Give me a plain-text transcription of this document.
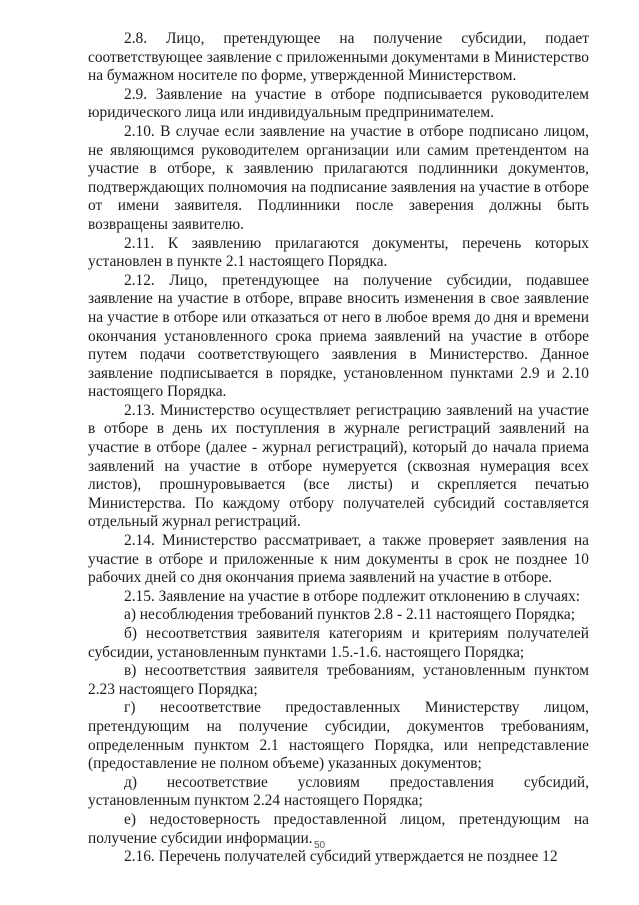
2.8. Лицо, претендующее на получение субсидии, подает соответствующее заявление с приложенными документами в Министерство на бумажном носителе по форме, утвержденной Министерством.

2.9. Заявление на участие в отборе подписывается руководителем юридического лица или индивидуальным предпринимателем.

2.10. В случае если заявление на участие в отборе подписано лицом, не являющимся руководителем организации или самим претендентом на участие в отборе, к заявлению прилагаются подлинники документов, подтверждающих полномочия на подписание заявления на участие в отборе от имени заявителя. Подлинники после заверения должны быть возвращены заявителю.

2.11. К заявлению прилагаются документы, перечень которых установлен в пункте 2.1 настоящего Порядка.

2.12. Лицо, претендующее на получение субсидии, подавшее заявление на участие в отборе, вправе вносить изменения в свое заявление на участие в отборе или отказаться от него в любое время до дня и времени окончания установленного срока приема заявлений на участие в отборе путем подачи соответствующего заявления в Министерство. Данное заявление подписывается в порядке, установленном пунктами 2.9 и 2.10 настоящего Порядка.

2.13. Министерство осуществляет регистрацию заявлений на участие в отборе в день их поступления в журнале регистраций заявлений на участие в отборе (далее - журнал регистраций), который до начала приема заявлений на участие в отборе нумеруется (сквозная нумерация всех листов), прошнуровывается (все листы) и скрепляется печатью Министерства. По каждому отбору получателей субсидий составляется отдельный журнал регистраций.

2.14. Министерство рассматривает, а также проверяет заявления на участие в отборе и приложенные к ним документы в срок не позднее 10 рабочих дней со дня окончания приема заявлений на участие в отборе.

2.15. Заявление на участие в отборе подлежит отклонению в случаях:

а) несоблюдения требований пунктов 2.8 - 2.11 настоящего Порядка;

б) несоответствия заявителя категориям и критериям получателей субсидии, установленным пунктами 1.5.-1.6. настоящего Порядка;

в) несоответствия заявителя требованиям, установленным пунктом 2.23 настоящего Порядка;

г) несоответствие предоставленных Министерству лицом, претендующим на получение субсидии, документов требованиям, определенным пунктом 2.1 настоящего Порядка, или непредставление (предоставление не полном объеме) указанных документов;

д) несоответствие условиям предоставления субсидий, установленным пунктом 2.24 настоящего Порядка;

е) недостоверность предоставленной лицом, претендующим на получение субсидии информации.

2.16. Перечень получателей субсидий утверждается не позднее 12

50
